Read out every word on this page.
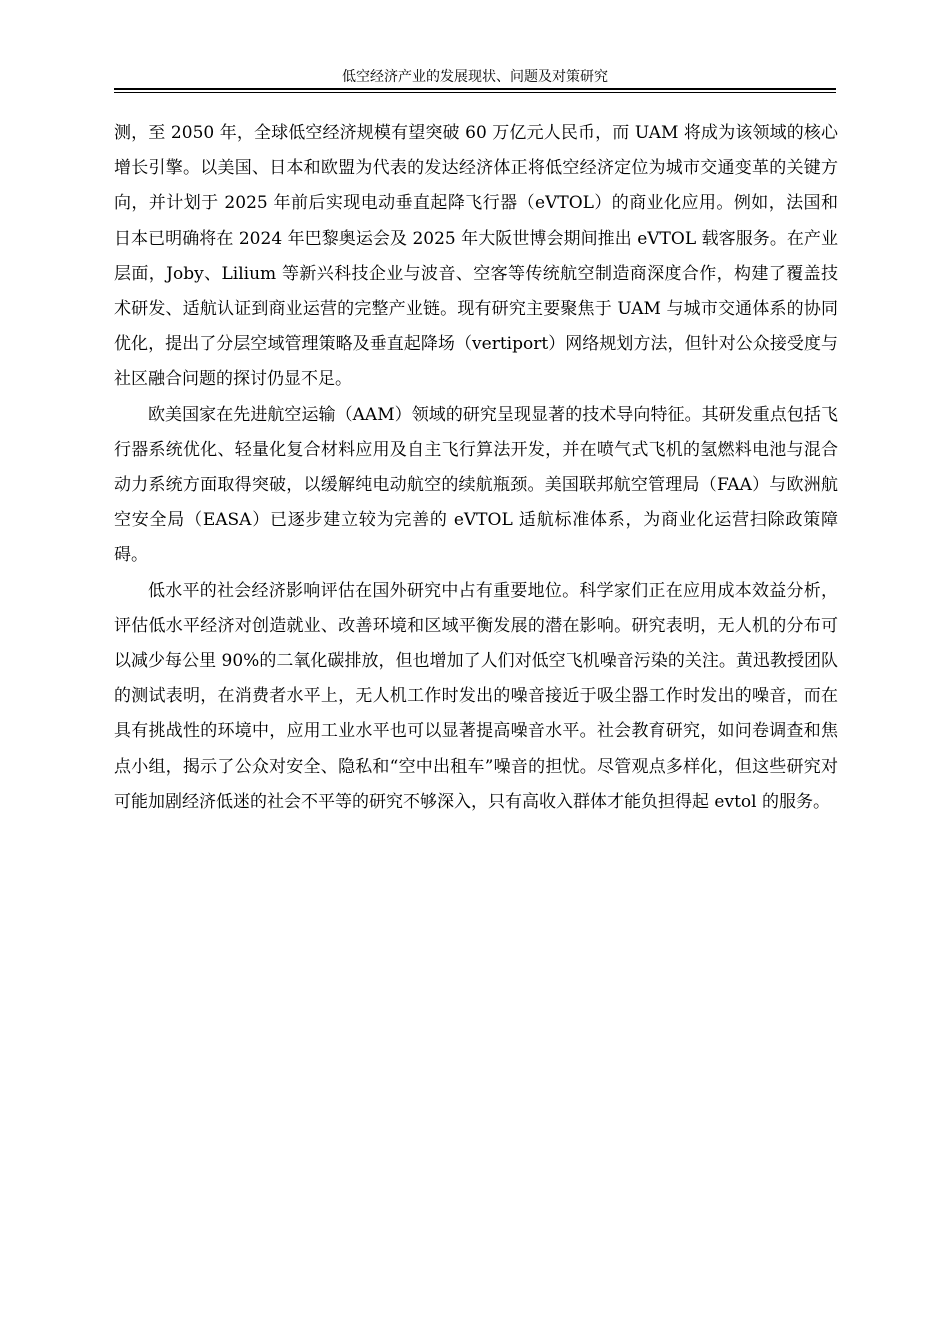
低空经济产业的发展现状、问题及对策研究

测，至 2050 年，全球低空经济规模有望突破 60 万亿元人民币，而 UAM 将成为该领域的核心增长引擎。以美国、日本和欧盟为代表的发达经济体正将低空经济定位为城市交通变革的关键方向，并计划于 2025 年前后实现电动垂直起降飞行器（eVTOL）的商业化应用。例如，法国和日本已明确将在 2024 年巴黎奥运会及 2025 年大阪世博会期间推出 eVTOL 载客服务。在产业层面，Joby、Lilium 等新兴科技企业与波音、空客等传统航空制造商深度合作，构建了覆盖技术研发、适航认证到商业运营的完整产业链。现有研究主要聚焦于 UAM 与城市交通体系的协同优化，提出了分层空域管理策略及垂直起降场（vertiport）网络规划方法，但针对公众接受度与社区融合问题的探讨仍显不足。

欧美国家在先进航空运输（AAM）领域的研究呈现显著的技术导向特征。其研发重点包括飞行器系统优化、轻量化复合材料应用及自主飞行算法开发，并在喷气式飞机的氢燃料电池与混合动力系统方面取得突破，以缓解纯电动航空的续航瓶颈。美国联邦航空管理局（FAA）与欧洲航空安全局（EASA）已逐步建立较为完善的 eVTOL 适航标准体系，为商业化运营扫除政策障碍。

低水平的社会经济影响评估在国外研究中占有重要地位。科学家们正在应用成本效益分析，评估低水平经济对创造就业、改善环境和区域平衡发展的潜在影响。研究表明，无人机的分布可以减少每公里 90%的二氧化碳排放，但也增加了人们对低空飞机噪音污染的关注。黄迅教授团队的测试表明，在消费者水平上，无人机工作时发出的噪音接近于吸尘器工作时发出的噪音，而在具有挑战性的环境中，应用工业水平也可以显著提高噪音水平。社会教育研究，如问卷调查和焦点小组，揭示了公众对安全、隐私和“空中出租车”噪音的担忧。尽管观点多样化，但这些研究对可能加剧经济低迷的社会不平等的研究不够深入，只有高收入群体才能负担得起 evtol 的服务。
